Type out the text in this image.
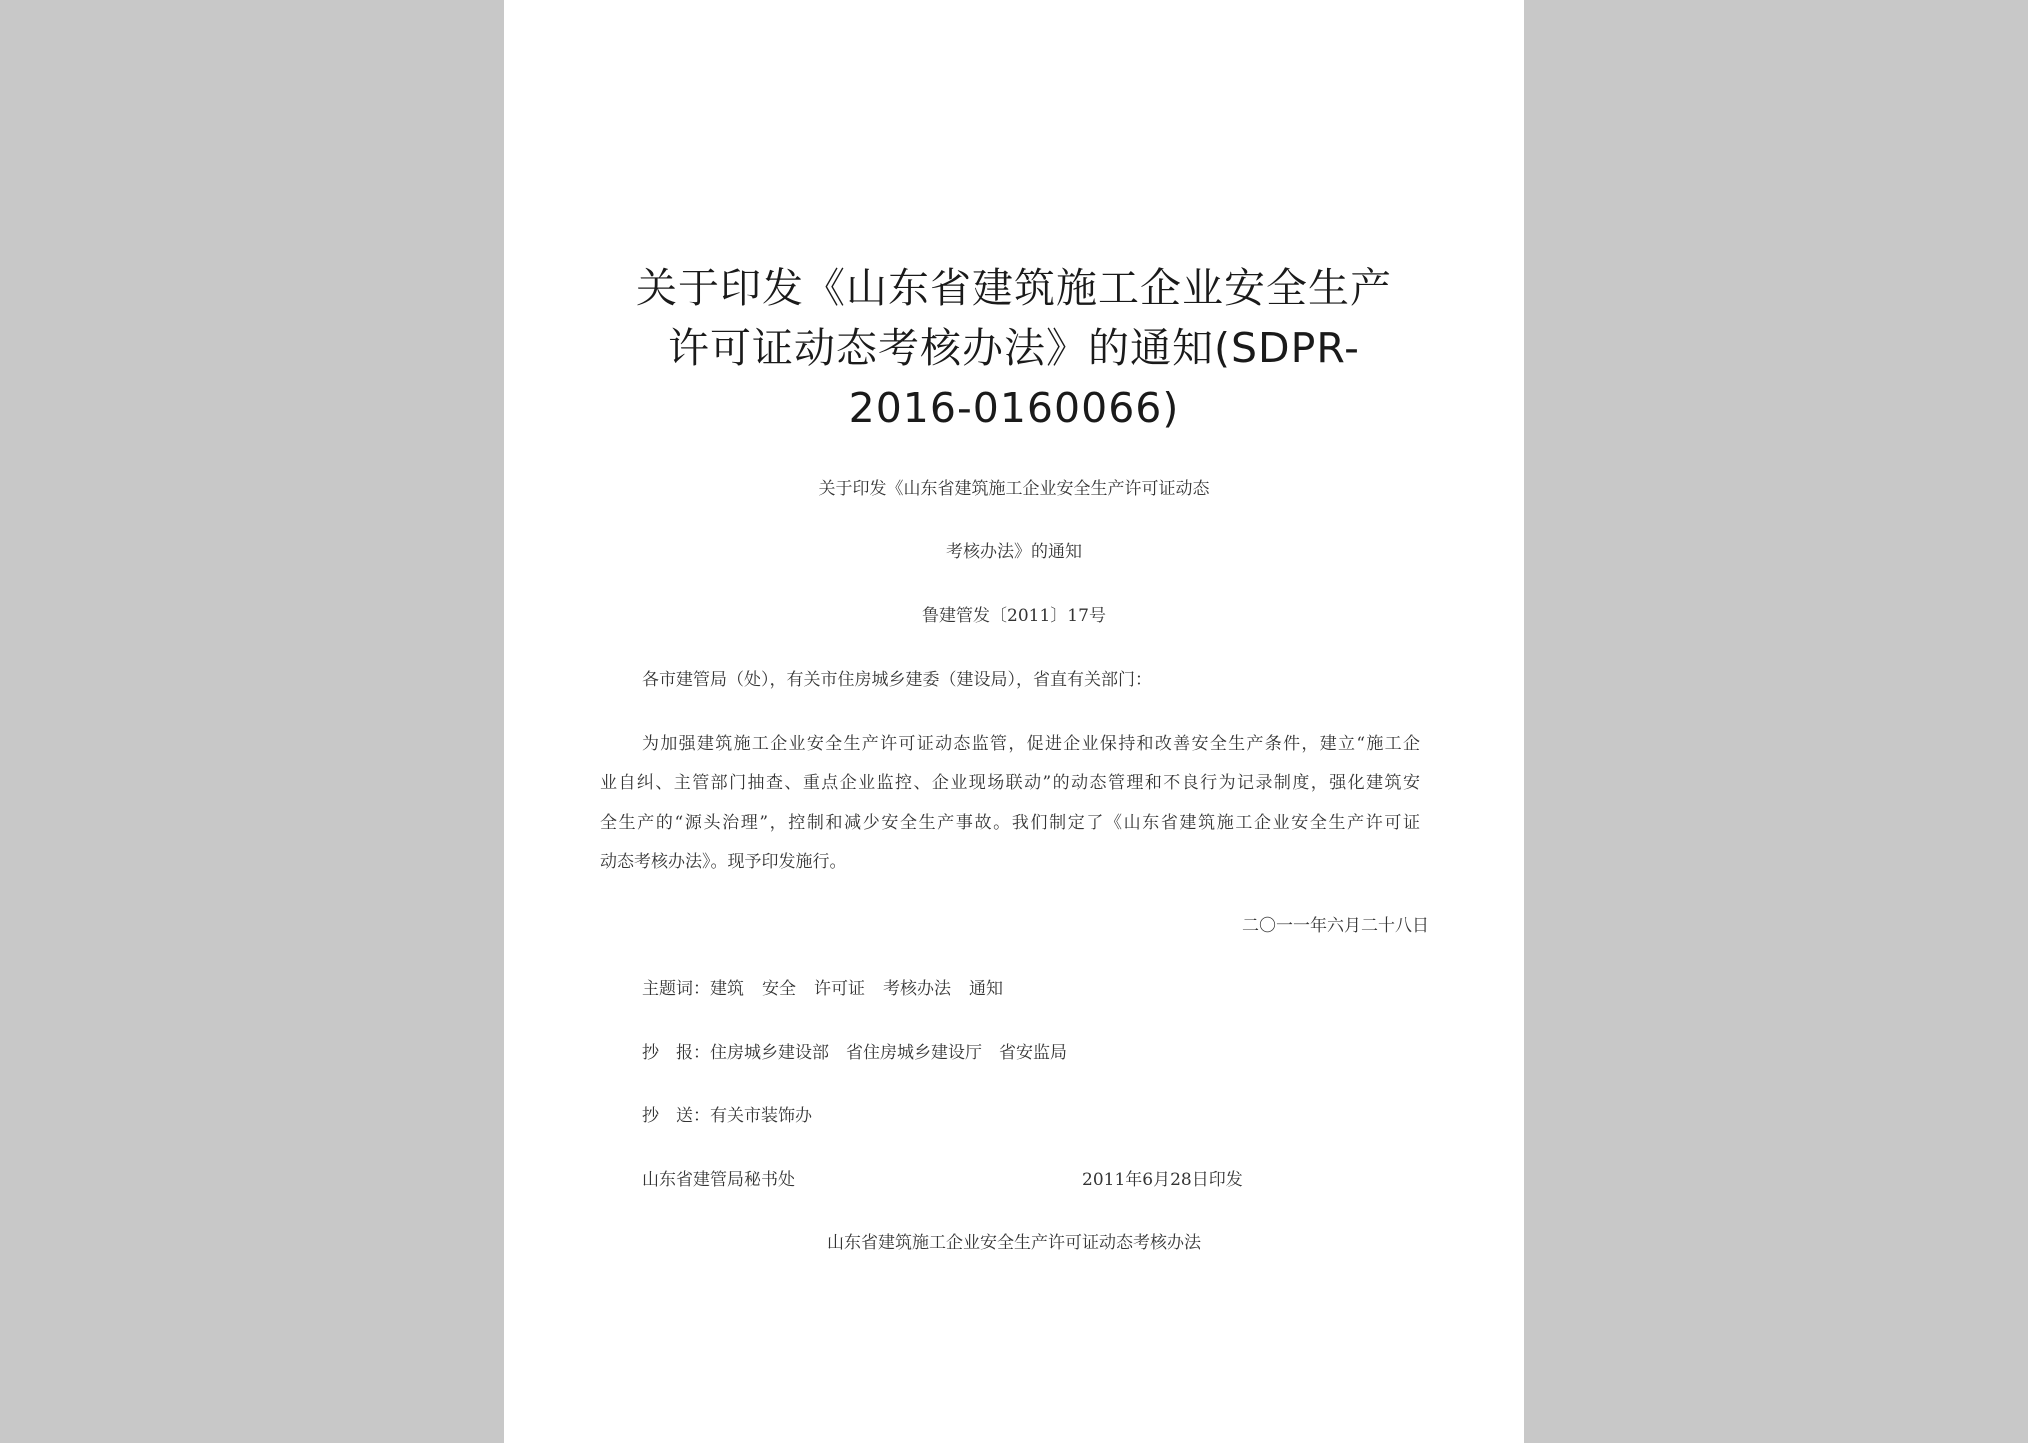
关于印发《山东省建筑施工企业安全生产
许可证动态考核办法》的通知(SDPR-
2016-0160066)
关于印发《山东省建筑施工企业安全生产许可证动态
考核办法》的通知
鲁建管发〔2011〕17号
各市建管局（处），有关市住房城乡建委（建设局），省直有关部门：
为加强建筑施工企业安全生产许可证动态监管，促进企业保持和改善安全生产条件，建立“施工企
业自纠、主管部门抽查、重点企业监控、企业现场联动”的动态管理和不良行为记录制度，强化建筑安
全生产的“源头治理”，控制和减少安全生产事故。我们制定了《山东省建筑施工企业安全生产许可证
动态考核办法》。现予印发施行。
二〇一一年六月二十八日
主题词：建筑 安全 许可证 考核办法 通知
抄　报：住房城乡建设部　省住房城乡建设厅　省安监局
抄　送：有关市装饰办
山东省建管局秘书处	2011年6月28日印发
山东省建筑施工企业安全生产许可证动态考核办法
